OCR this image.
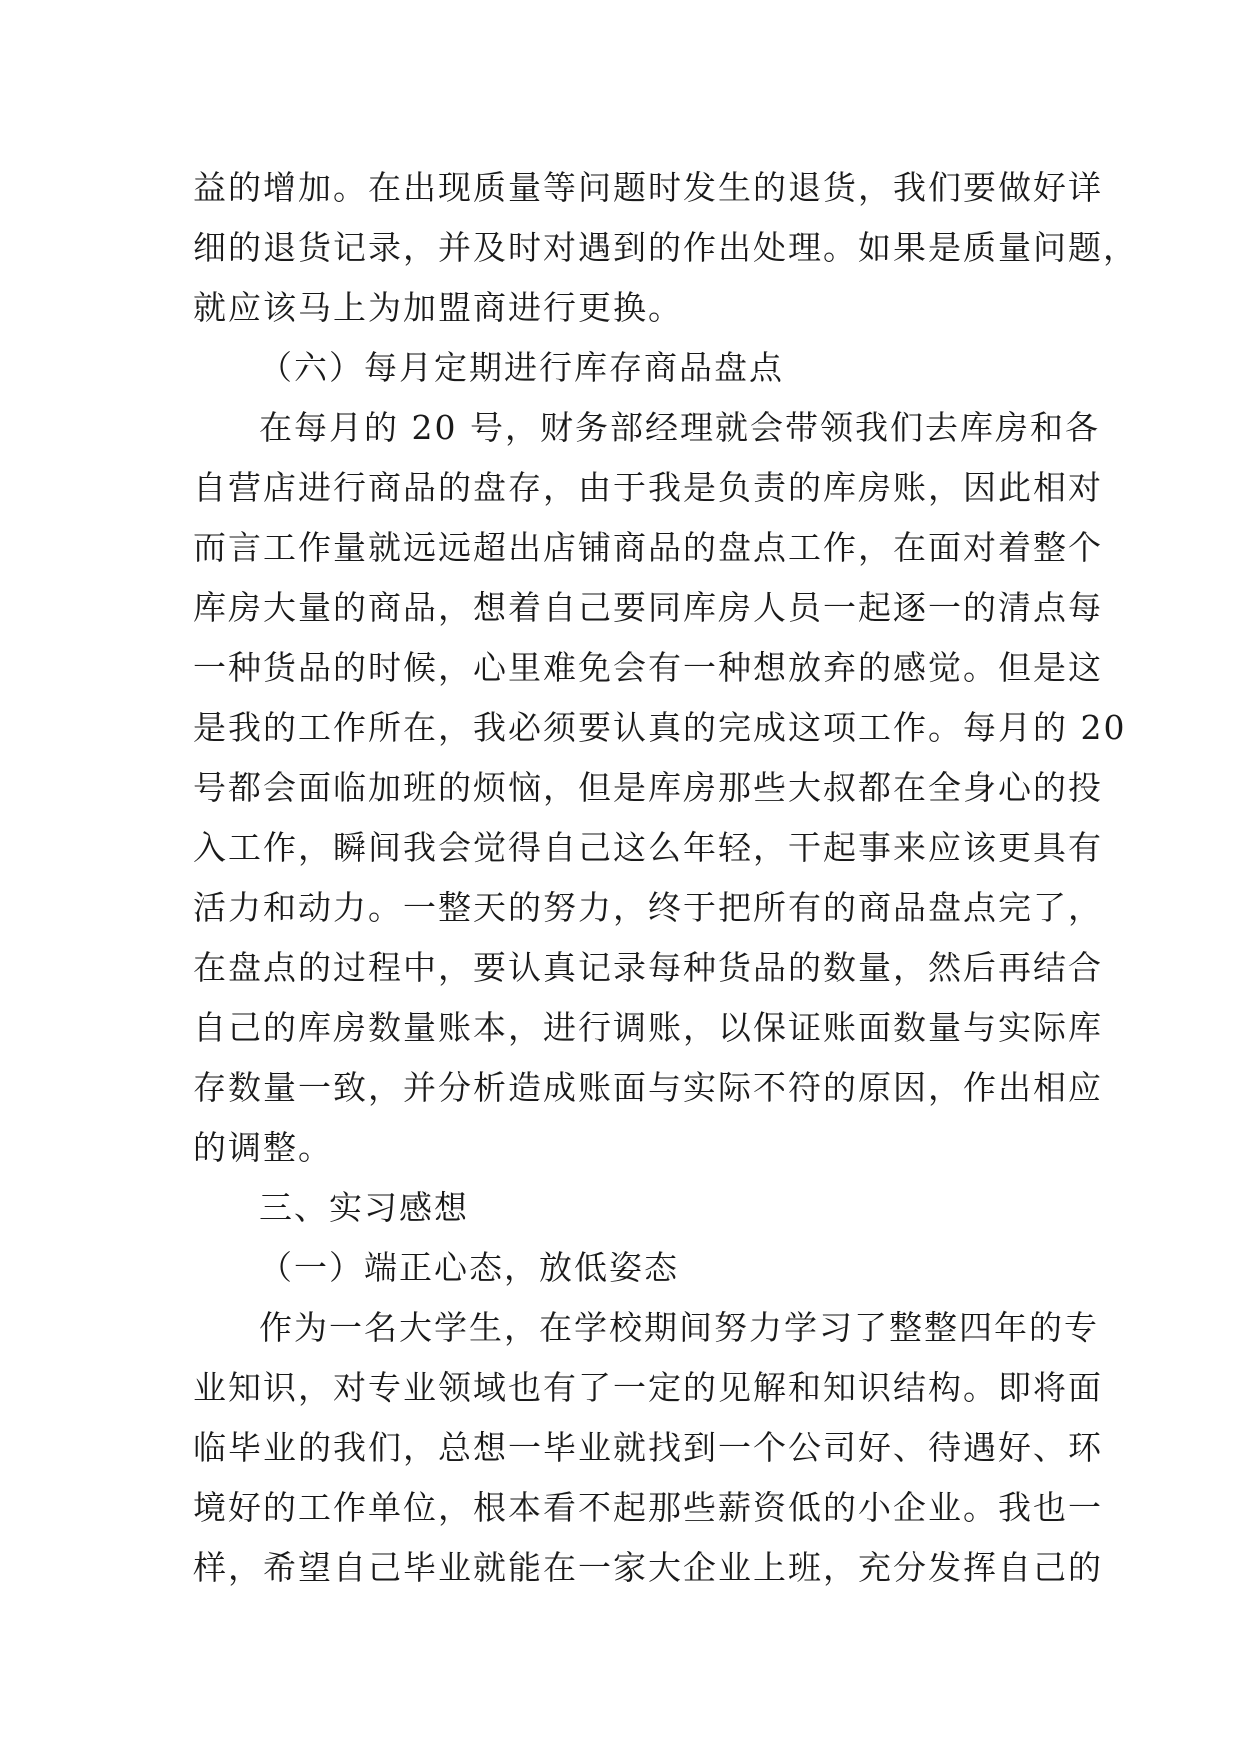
益的增加。在出现质量等问题时发生的退货，我们要做好详
细的退货记录，并及时对遇到的作出处理。如果是质量问题，
就应该马上为加盟商进行更换。
（六）每月定期进行库存商品盘点
在每月的 20 号，财务部经理就会带领我们去库房和各
自营店进行商品的盘存，由于我是负责的库房账，因此相对
而言工作量就远远超出店铺商品的盘点工作，在面对着整个
库房大量的商品，想着自己要同库房人员一起逐一的清点每
一种货品的时候，心里难免会有一种想放弃的感觉。但是这
是我的工作所在，我必须要认真的完成这项工作。每月的 20
号都会面临加班的烦恼，但是库房那些大叔都在全身心的投
入工作，瞬间我会觉得自己这么年轻，干起事来应该更具有
活力和动力。一整天的努力，终于把所有的商品盘点完了，
在盘点的过程中，要认真记录每种货品的数量，然后再结合
自己的库房数量账本，进行调账，以保证账面数量与实际库
存数量一致，并分析造成账面与实际不符的原因，作出相应
的调整。
三、实习感想
（一）端正心态，放低姿态
作为一名大学生，在学校期间努力学习了整整四年的专
业知识，对专业领域也有了一定的见解和知识结构。即将面
临毕业的我们，总想一毕业就找到一个公司好、待遇好、环
境好的工作单位，根本看不起那些薪资低的小企业。我也一
样，希望自己毕业就能在一家大企业上班，充分发挥自己的
